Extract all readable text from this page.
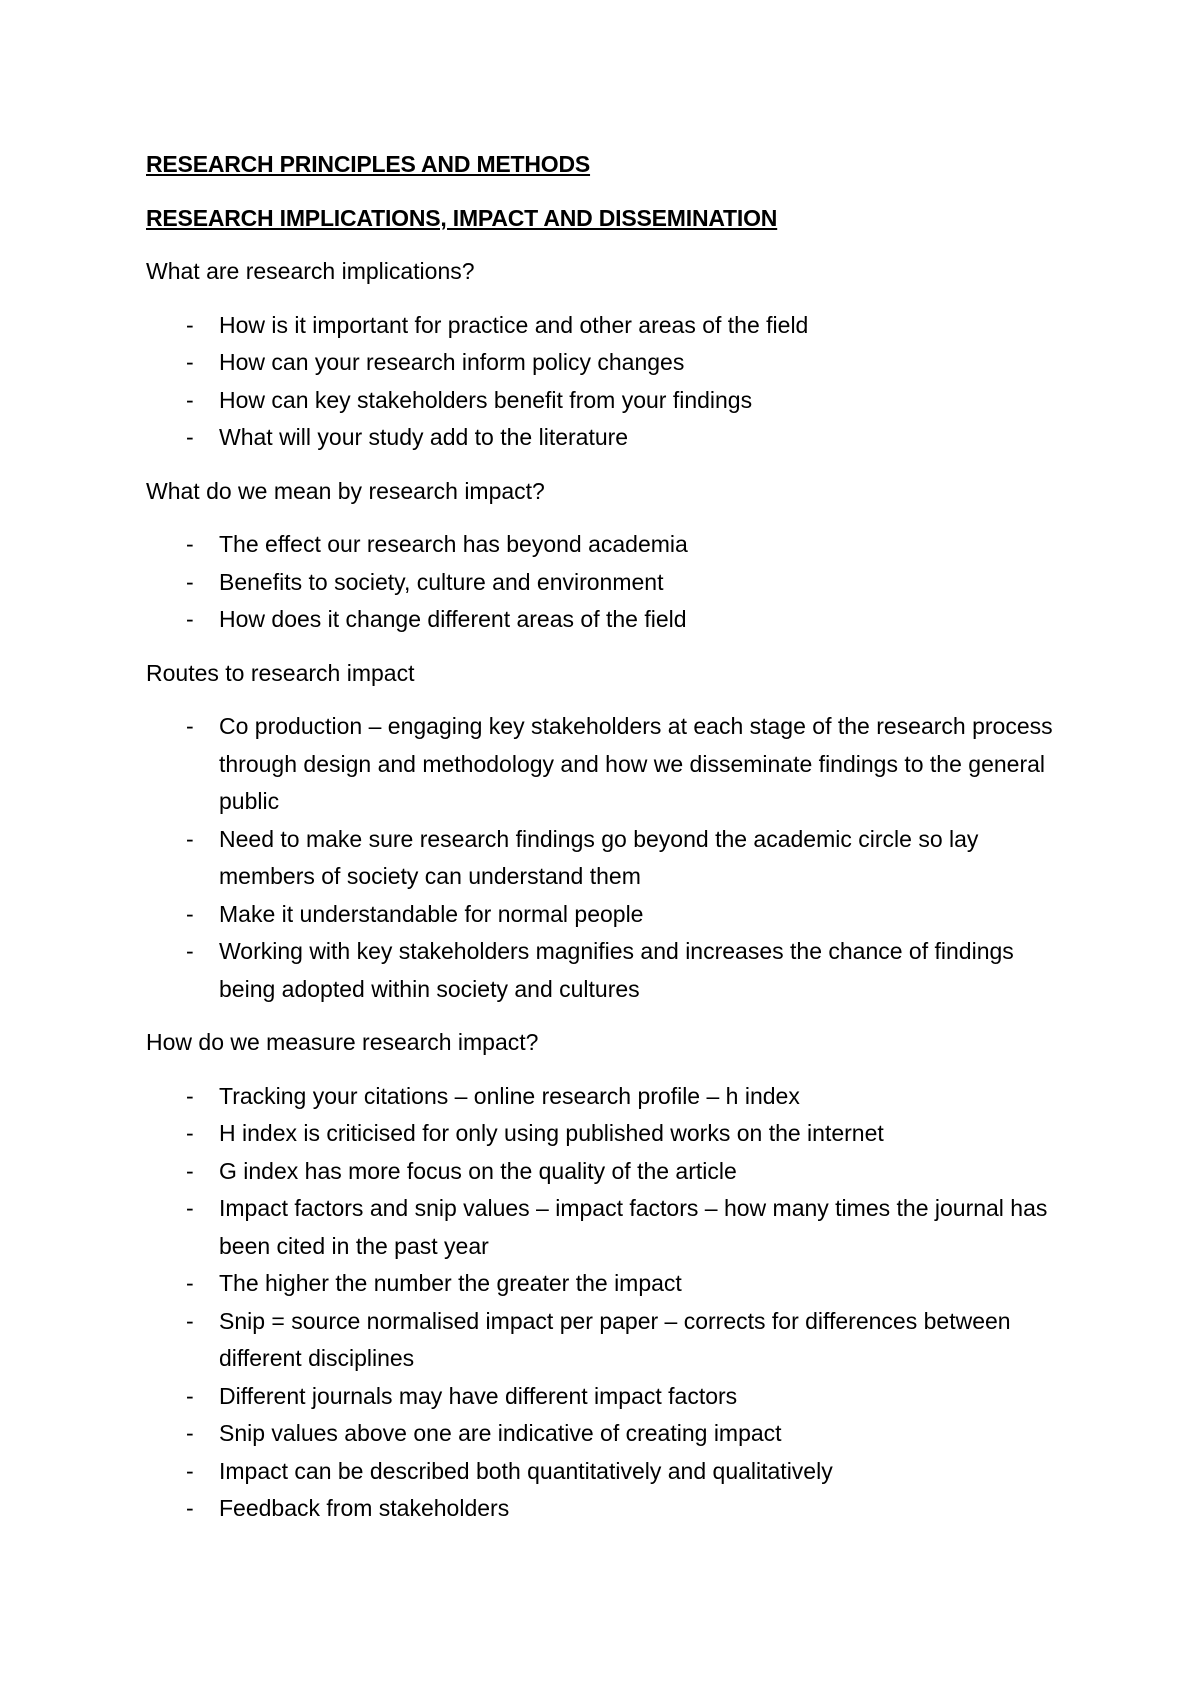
RESEARCH PRINCIPLES AND METHODS
RESEARCH IMPLICATIONS, IMPACT AND DISSEMINATION
What are research implications?
- How is it important for practice and other areas of the field
- How can your research inform policy changes
- How can key stakeholders benefit from your findings
- What will your study add to the literature
What do we mean by research impact?
- The effect our research has beyond academia
- Benefits to society, culture and environment
- How does it change different areas of the field
Routes to research impact
- Co production – engaging key stakeholders at each stage of the research process through design and methodology and how we disseminate findings to the general public
- Need to make sure research findings go beyond the academic circle so lay members of society can understand them
- Make it understandable for normal people
- Working with key stakeholders magnifies and increases the chance of findings being adopted within society and cultures
How do we measure research impact?
- Tracking your citations – online research profile – h index
- H index is criticised for only using published works on the internet
- G index has more focus on the quality of the article
- Impact factors and snip values – impact factors – how many times the journal has been cited in the past year
- The higher the number the greater the impact
- Snip = source normalised impact per paper – corrects for differences between different disciplines
- Different journals may have different impact factors
- Snip values above one are indicative of creating impact
- Impact can be described both quantitatively and qualitatively
- Feedback from stakeholders
